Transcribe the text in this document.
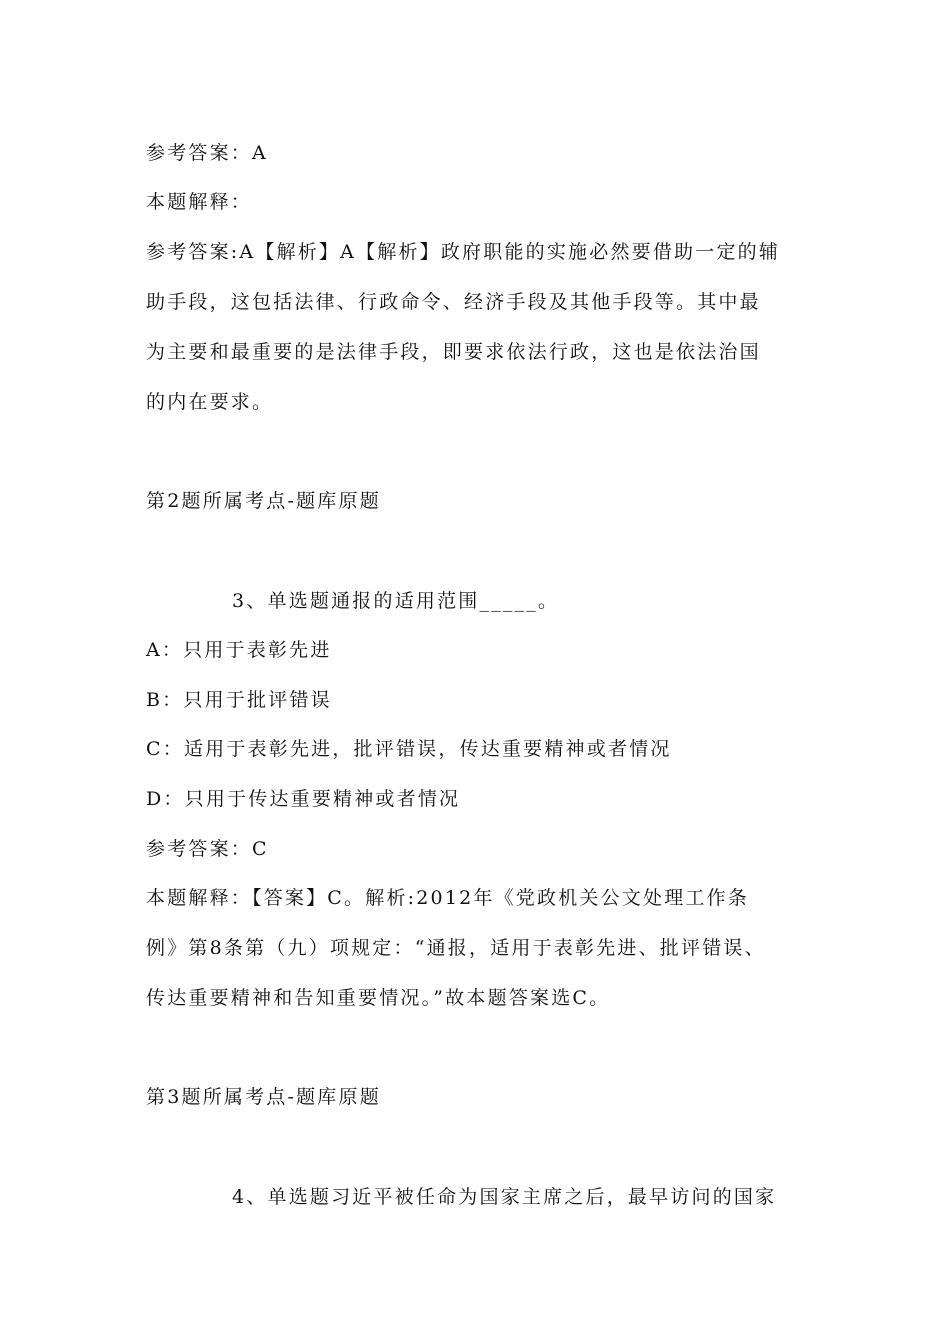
参考答案：A
本题解释：
参考答案:A【解析】A【解析】政府职能的实施必然要借助一定的辅
助手段，这包括法律、行政命令、经济手段及其他手段等。其中最
为主要和最重要的是法律手段，即要求依法行政，这也是依法治国
的内在要求。
第2题所属考点-题库原题
3、单选题通报的适用范围_____。
A：只用于表彰先进
B：只用于批评错误
C：适用于表彰先进，批评错误，传达重要精神或者情况
D：只用于传达重要精神或者情况
参考答案：C
本题解释：【答案】C。解析:2012年《党政机关公文处理工作条
例》第8条第（九）项规定：“通报，适用于表彰先进、批评错误、
传达重要精神和告知重要情况。”故本题答案选C。
第3题所属考点-题库原题
4、单选题习近平被任命为国家主席之后，最早访问的国家
